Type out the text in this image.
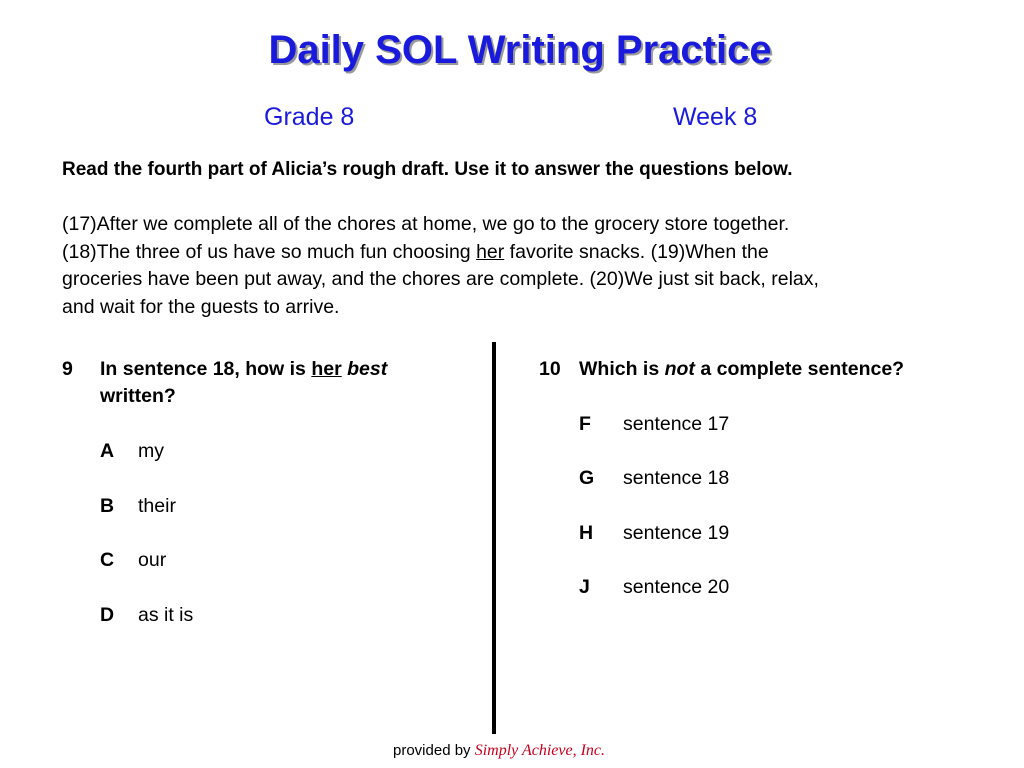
Daily SOL Writing Practice
Grade 8	Week 8
Read the fourth part of Alicia’s rough draft. Use it to answer the questions below.
(17)After we complete all of the chores at home, we go to the grocery store together.
(18)The three of us have so much fun choosing her favorite snacks. (19)When the
groceries have been put away, and the chores are complete. (20)We just sit back, relax,
and wait for the guests to arrive.
9 In sentence 18, how is her best
written?
A my
B their
C our
D as it is
10 Which is not a complete sentence?
F sentence 17
G sentence 18
H sentence 19
J sentence 20
provided by Simply Achieve, Inc.
